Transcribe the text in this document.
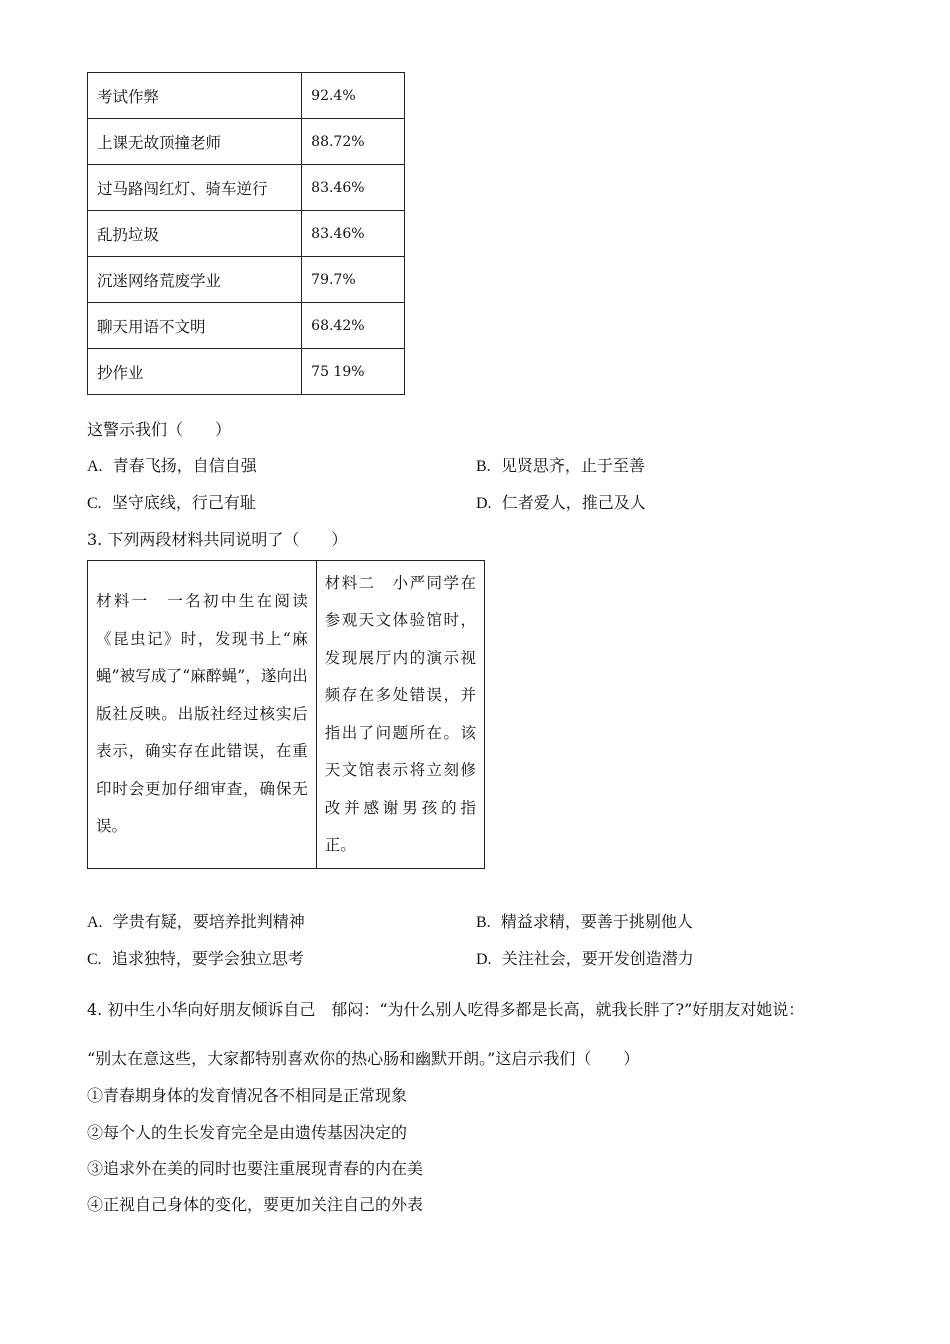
考试作弊	92.4%
上课无故顶撞老师	88.72%
过马路闯红灯、骑车逆行	83.46%
乱扔垃圾	83.46%
沉迷网络荒废学业	79.7%
聊天用语不文明	68.42%
抄作业	75 19%
这警示我们（　　）
A. 青春飞扬，自信自强	B. 见贤思齐，止于至善
C. 坚守底线，行己有耻	D. 仁者爱人，推己及人
3. 下列两段材料共同说明了（　　）
材料一　一名初中生在阅读《昆虫记》时，发现书上“麻蝇”被写成了“麻醉蝇”，遂向出版社反映。出版社经过核实后表示，确实存在此错误，在重印时会更加仔细审查，确保无误。	材料二　小严同学在参观天文体验馆时，发现展厅内的演示视频存在多处错误，并指出了问题所在。该天文馆表示将立刻修改并感谢男孩的指正。
A. 学贵有疑，要培养批判精神	B. 精益求精，要善于挑剔他人
C. 追求独特，要学会独立思考	D. 关注社会，要开发创造潜力
4. 初中生小华向好朋友倾诉自己　郁闷：“为什么别人吃得多都是长高，就我长胖了?”好朋友对她说：
“别太在意这些，大家都特别喜欢你的热心肠和幽默开朗。”这启示我们（　　）
①青春期身体的发育情况各不相同是正常现象
②每个人的生长发育完全是由遗传基因决定的
③追求外在美的同时也要注重展现青春的内在美
④正视自己身体的变化，要更加关注自己的外表
